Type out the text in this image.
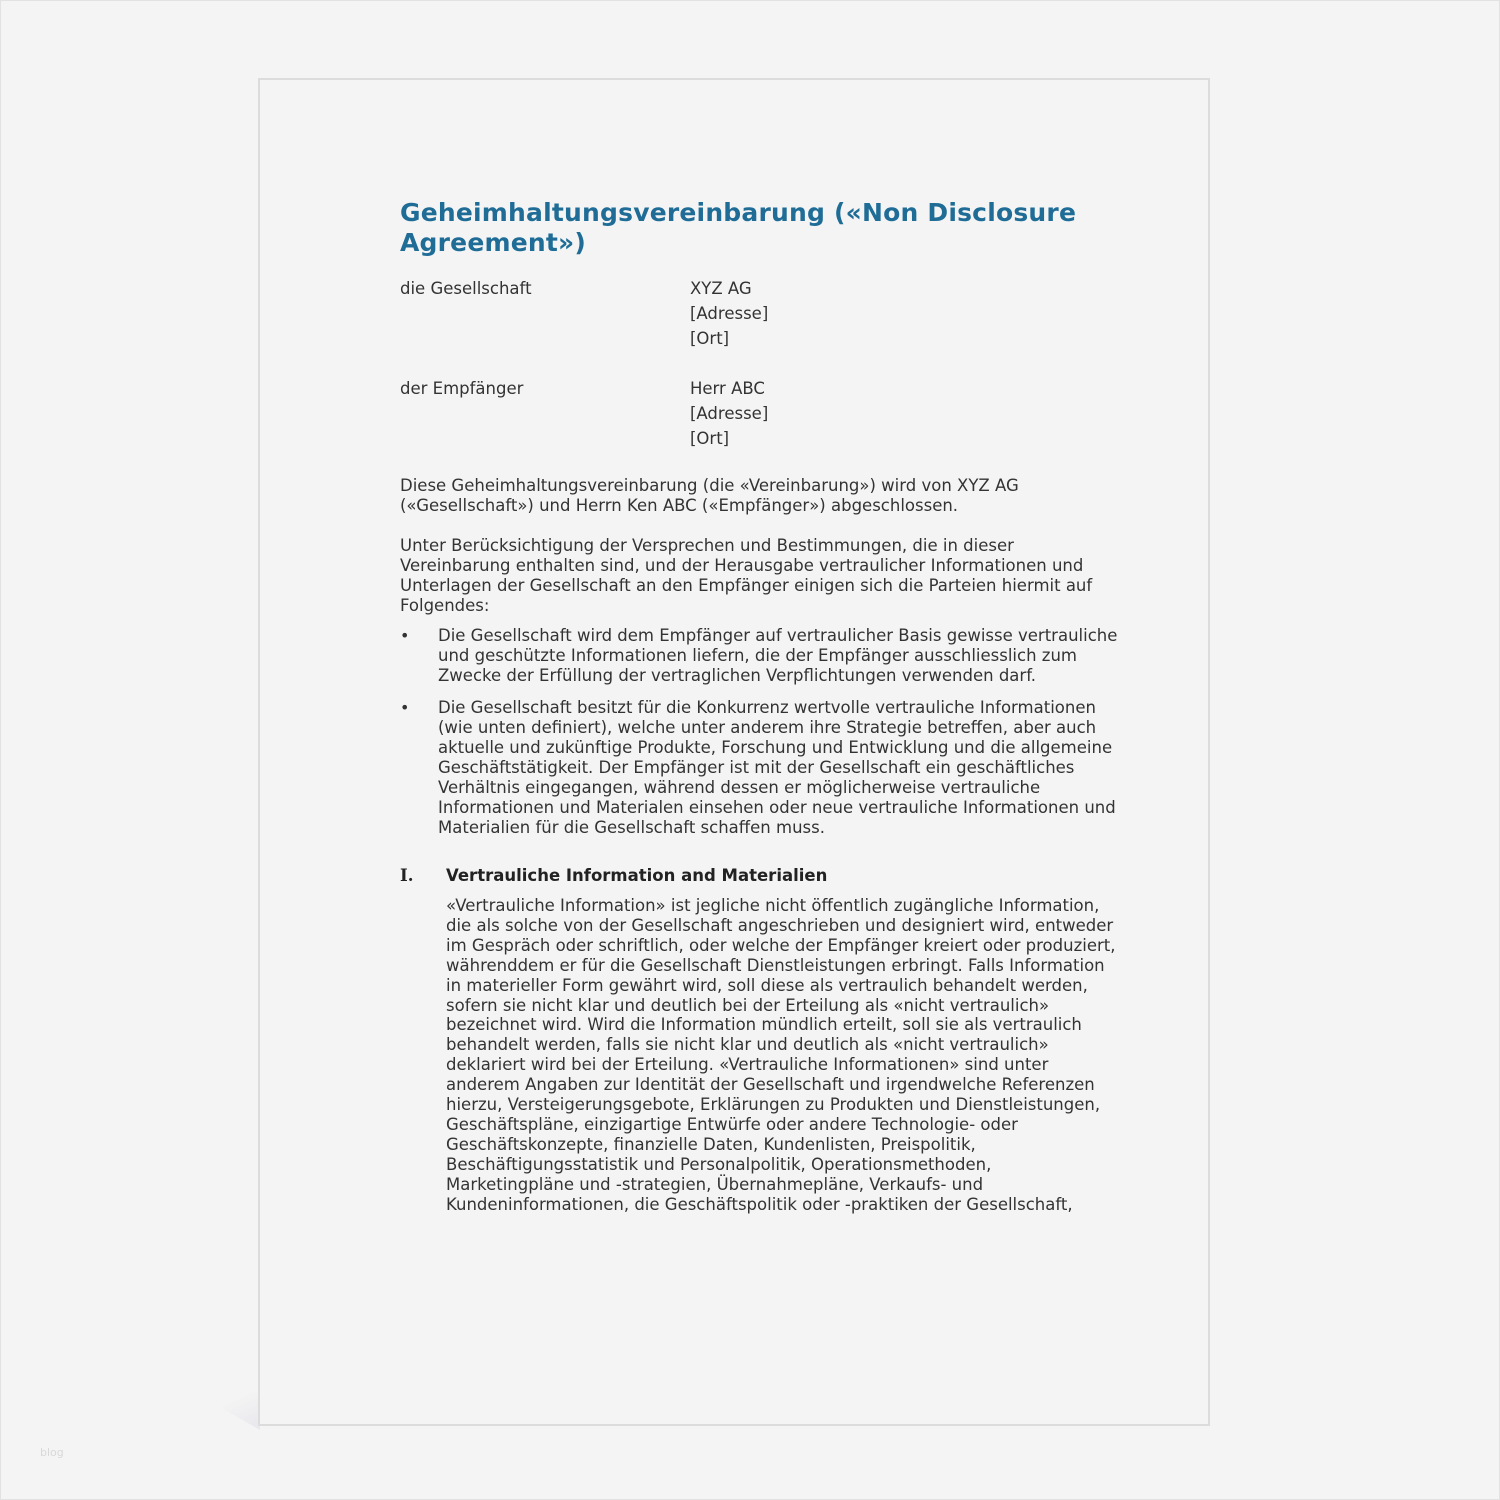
Geheimhaltungsvereinbarung («Non Disclosure Agreement»)
die Gesellschaft	XYZ AG
[Adresse]
[Ort]
der Empfänger	Herr ABC
[Adresse]
[Ort]

Diese Geheimhaltungsvereinbarung (die «Vereinbarung») wird von XYZ AG («Gesellschaft») und Herrn Ken ABC («Empfänger») abgeschlossen.

Unter Berücksichtigung der Versprechen und Bestimmungen, die in dieser Vereinbarung enthalten sind, und der Herausgabe vertraulicher Informationen und Unterlagen der Gesellschaft an den Empfänger einigen sich die Parteien hiermit auf Folgendes:

•	Die Gesellschaft wird dem Empfänger auf vertraulicher Basis gewisse vertrauliche und geschützte Informationen liefern, die der Empfänger ausschliesslich zum Zwecke der Erfüllung der vertraglichen Verpflichtungen verwenden darf.
•	Die Gesellschaft besitzt für die Konkurrenz wertvolle vertrauliche Informationen (wie unten definiert), welche unter anderem ihre Strategie betreffen, aber auch aktuelle und zukünftige Produkte, Forschung und Entwicklung und die allgemeine Geschäftstätigkeit. Der Empfänger ist mit der Gesellschaft ein geschäftliches Verhältnis eingegangen, während dessen er möglicherweise vertrauliche Informationen und Materialen einsehen oder neue vertrauliche Informationen und Materialien für die Gesellschaft schaffen muss.
I.	Vertrauliche Information and Materialien
«Vertrauliche Information» ist jegliche nicht öffentlich zugängliche Information, die als solche von der Gesellschaft angeschrieben und designiert wird, entweder im Gespräch oder schriftlich, oder welche der Empfänger kreiert oder produziert, währenddem er für die Gesellschaft Dienstleistungen erbringt. Falls Information in materieller Form gewährt wird, soll diese als vertraulich behandelt werden, sofern sie nicht klar und deutlich bei der Erteilung als «nicht vertraulich» bezeichnet wird. Wird die Information mündlich erteilt, soll sie als vertraulich behandelt werden, falls sie nicht klar und deutlich als «nicht vertraulich» deklariert wird bei der Erteilung. «Vertrauliche Informationen» sind unter anderem Angaben zur Identität der Gesellschaft und irgendwelche Referenzen hierzu, Versteigerungsgebote, Erklärungen zu Produkten und Dienstleistungen, Geschäftspläne, einzigartige Entwürfe oder andere Technologie- oder Geschäftskonzepte, finanzielle Daten, Kundenlisten, Preispolitik, Beschäftigungsstatistik und Personalpolitik, Operationsmethoden, Marketingpläne und -strategien, Übernahmepläne, Verkaufs- und Kundeninformationen, die Geschäftspolitik oder -praktiken der Gesellschaft,
blog
